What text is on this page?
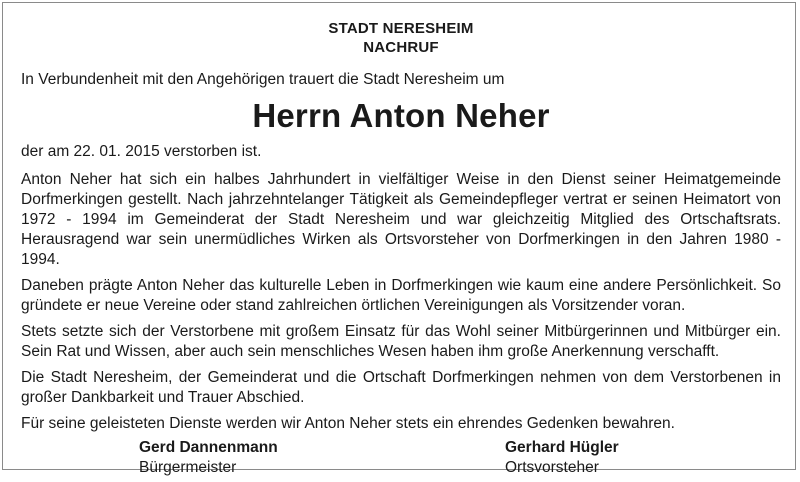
STADT NERESHEIM
NACHRUF
In Verbundenheit mit den Angehörigen trauert die Stadt Neresheim um
Herrn Anton Neher
der am 22. 01. 2015 verstorben ist.
Anton Neher hat sich ein halbes Jahrhundert in vielfältiger Weise in den Dienst seiner Heimatgemeinde Dorfmerkingen gestellt. Nach jahrzehntelanger Tätigkeit als Gemeindepfleger vertrat er seinen Heimatort von 1972 - 1994 im Gemeinderat der Stadt Neresheim und war gleichzeitig Mitglied des Ortschaftsrats. Herausragend war sein unermüdliches Wirken als Ortsvorsteher von Dorfmerkingen in den Jahren 1980 - 1994.
Daneben prägte Anton Neher das kulturelle Leben in Dorfmerkingen wie kaum eine andere Persönlichkeit. So gründete er neue Vereine oder stand zahlreichen örtlichen Vereinigungen als Vorsitzender voran.
Stets setzte sich der Verstorbene mit großem Einsatz für das Wohl seiner Mitbürgerinnen und Mitbürger ein. Sein Rat und Wissen, aber auch sein menschliches Wesen haben ihm große Anerkennung verschafft.
Die Stadt Neresheim, der Gemeinderat und die Ortschaft Dorfmerkingen nehmen von dem Verstorbenen in großer Dankbarkeit und Trauer Abschied.
Für seine geleisteten Dienste werden wir Anton Neher stets ein ehrendes Gedenken bewahren.
Gerd Dannenmann
Bürgermeister
Gerhard Hügler
Ortsvorsteher
